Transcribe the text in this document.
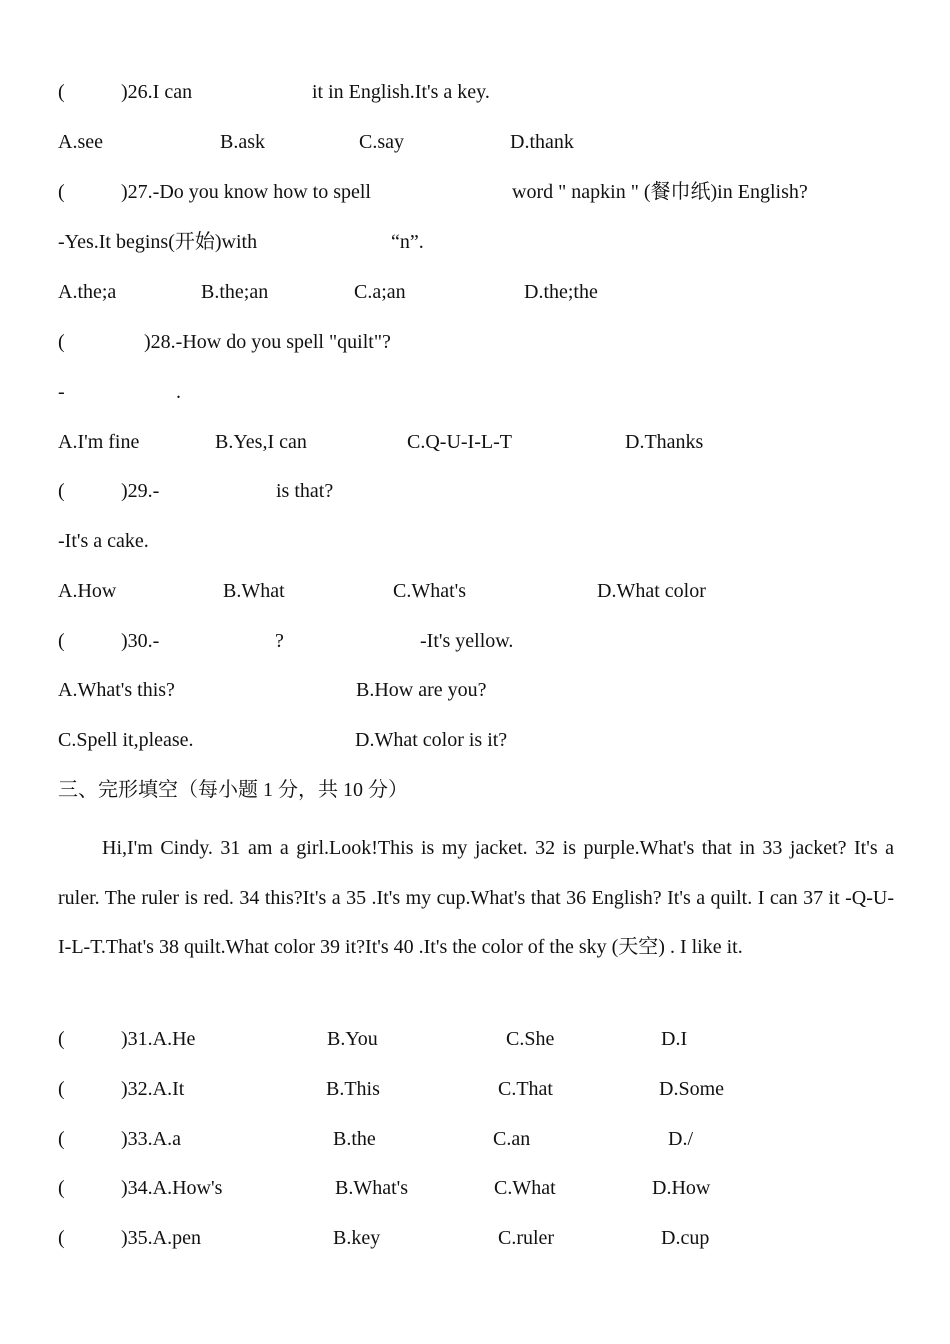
(	)26.I can	it in English.It's a key.
A.see	B.ask	C.say	D.thank
(	)27.-Do you know how to spell	word " napkin " (餐巾纸)in English?
-Yes.It begins(开始)with	“n”.
A.the;a	B.the;an	C.a;an	D.the;the
(	)28.-How do you spell "quilt"?
-	.
A.I'm fine	B.Yes,I can	C.Q-U-I-L-T	D.Thanks
(	)29.-	is that?
-It's a cake.
A.How	B.What	C.What's	D.What color
(	)30.-	?	-It's yellow.
A.What's this?	B.How are you?
C.Spell it,please.	D.What color is it?
三、完形填空（每小题 1 分，共 10 分）
Hi,I'm Cindy. 31 am a girl.Look!This is my jacket. 32 is purple.What's that in 33 jacket? It's a ruler. The ruler is red. 34 this?It's a 35 .It's my cup.What's that 36 English? It's a quilt. I can 37 it -Q-U-I-L-T.That's 38 quilt.What color 39 it?It's 40 .It's the color of the sky (天空) . I like it.
(	)31.A.He	B.You	C.She	D.I
(	)32.A.It	B.This	C.That	D.Some
(	)33.A.a	B.the	C.an	D./
(	)34.A.How's	B.What's	C.What	D.How
(	)35.A.pen	B.key	C.ruler	D.cup
